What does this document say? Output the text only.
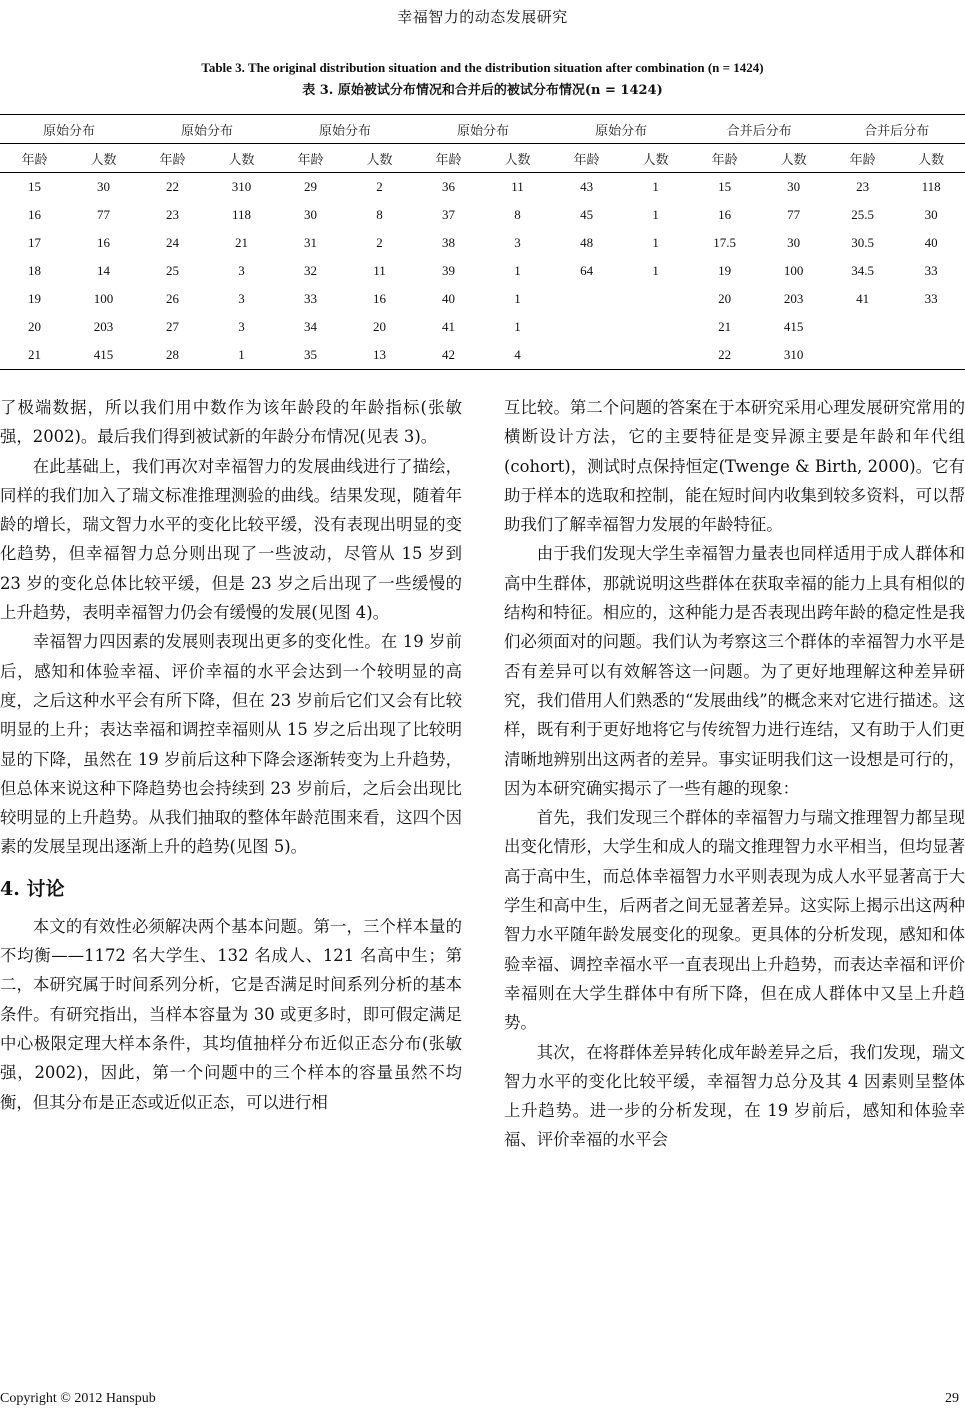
幸福智力的动态发展研究
Table 3. The original distribution situation and the distribution situation after combination (n = 1424)
表 3. 原始被试分布情况和合并后的被试分布情况(n = 1424)
原始分布		原始分布		原始分布		原始分布		原始分布		合并后分布		合并后分布	
年龄	人数	年龄	人数	年龄	人数	年龄	人数	年龄	人数	年龄	人数	年龄	人数
15	30	22	310	29	2	36	11	43	1	15	30	23	118
16	77	23	118	30	8	37	8	45	1	16	77	25.5	30
17	16	24	21	31	2	38	3	48	1	17.5	30	30.5	40
18	14	25	3	32	11	39	1	64	1	19	100	34.5	33
19	100	26	3	33	16	40	1			20	203	41	33
20	203	27	3	34	20	41	1			21	415		
21	415	28	1	35	13	42	4			22	310		

了极端数据，所以我们用中数作为该年龄段的年龄指标(张敏强，2002)。最后我们得到被试新的年龄分布情况(见表 3)。

在此基础上，我们再次对幸福智力的发展曲线进行了描绘，同样的我们加入了瑞文标准推理测验的曲线。结果发现，随着年龄的增长，瑞文智力水平的变化比较平缓，没有表现出明显的变化趋势，但幸福智力总分则出现了一些波动，尽管从 15 岁到 23 岁的变化总体比较平缓，但是 23 岁之后出现了一些缓慢的上升趋势，表明幸福智力仍会有缓慢的发展(见图 4)。

幸福智力四因素的发展则表现出更多的变化性。在 19 岁前后，感知和体验幸福、评价幸福的水平会达到一个较明显的高度，之后这种水平会有所下降，但在 23 岁前后它们又会有比较明显的上升；表达幸福和调控幸福则从 15 岁之后出现了比较明显的下降，虽然在 19 岁前后这种下降会逐渐转变为上升趋势，但总体来说这种下降趋势也会持续到 23 岁前后，之后会出现比较明显的上升趋势。从我们抽取的整体年龄范围来看，这四个因素的发展呈现出逐渐上升的趋势(见图 5)。

4. 讨论

本文的有效性必须解决两个基本问题。第一，三个样本量的不均衡——1172 名大学生、132 名成人、121 名高中生；第二，本研究属于时间系列分析，它是否满足时间系列分析的基本条件。有研究指出，当样本容量为 30 或更多时，即可假定满足中心极限定理大样本条件，其均值抽样分布近似正态分布(张敏强，2002)，因此，第一个问题中的三个样本的容量虽然不均衡，但其分布是正态或近似正态，可以进行相

互比较。第二个问题的答案在于本研究采用心理发展研究常用的横断设计方法，它的主要特征是变异源主要是年龄和年代组(cohort)，测试时点保持恒定(Twenge & Birth, 2000)。它有助于样本的选取和控制，能在短时间内收集到较多资料，可以帮助我们了解幸福智力发展的年龄特征。

由于我们发现大学生幸福智力量表也同样适用于成人群体和高中生群体，那就说明这些群体在获取幸福的能力上具有相似的结构和特征。相应的，这种能力是否表现出跨年龄的稳定性是我们必须面对的问题。我们认为考察这三个群体的幸福智力水平是否有差异可以有效解答这一问题。为了更好地理解这种差异研究，我们借用人们熟悉的“发展曲线”的概念来对它进行描述。这样，既有利于更好地将它与传统智力进行连结，又有助于人们更清晰地辨别出这两者的差异。事实证明我们这一设想是可行的，因为本研究确实揭示了一些有趣的现象：

首先，我们发现三个群体的幸福智力与瑞文推理智力都呈现出变化情形，大学生和成人的瑞文推理智力水平相当，但均显著高于高中生，而总体幸福智力水平则表现为成人水平显著高于大学生和高中生，后两者之间无显著差异。这实际上揭示出这两种智力水平随年龄发展变化的现象。更具体的分析发现，感知和体验幸福、调控幸福水平一直表现出上升趋势，而表达幸福和评价幸福则在大学生群体中有所下降，但在成人群体中又呈上升趋势。

其次，在将群体差异转化成年龄差异之后，我们发现，瑞文智力水平的变化比较平缓，幸福智力总分及其 4 因素则呈整体上升趋势。进一步的分析发现，在 19 岁前后，感知和体验幸福、评价幸福的水平会

Copyright © 2012 Hanspub	29
